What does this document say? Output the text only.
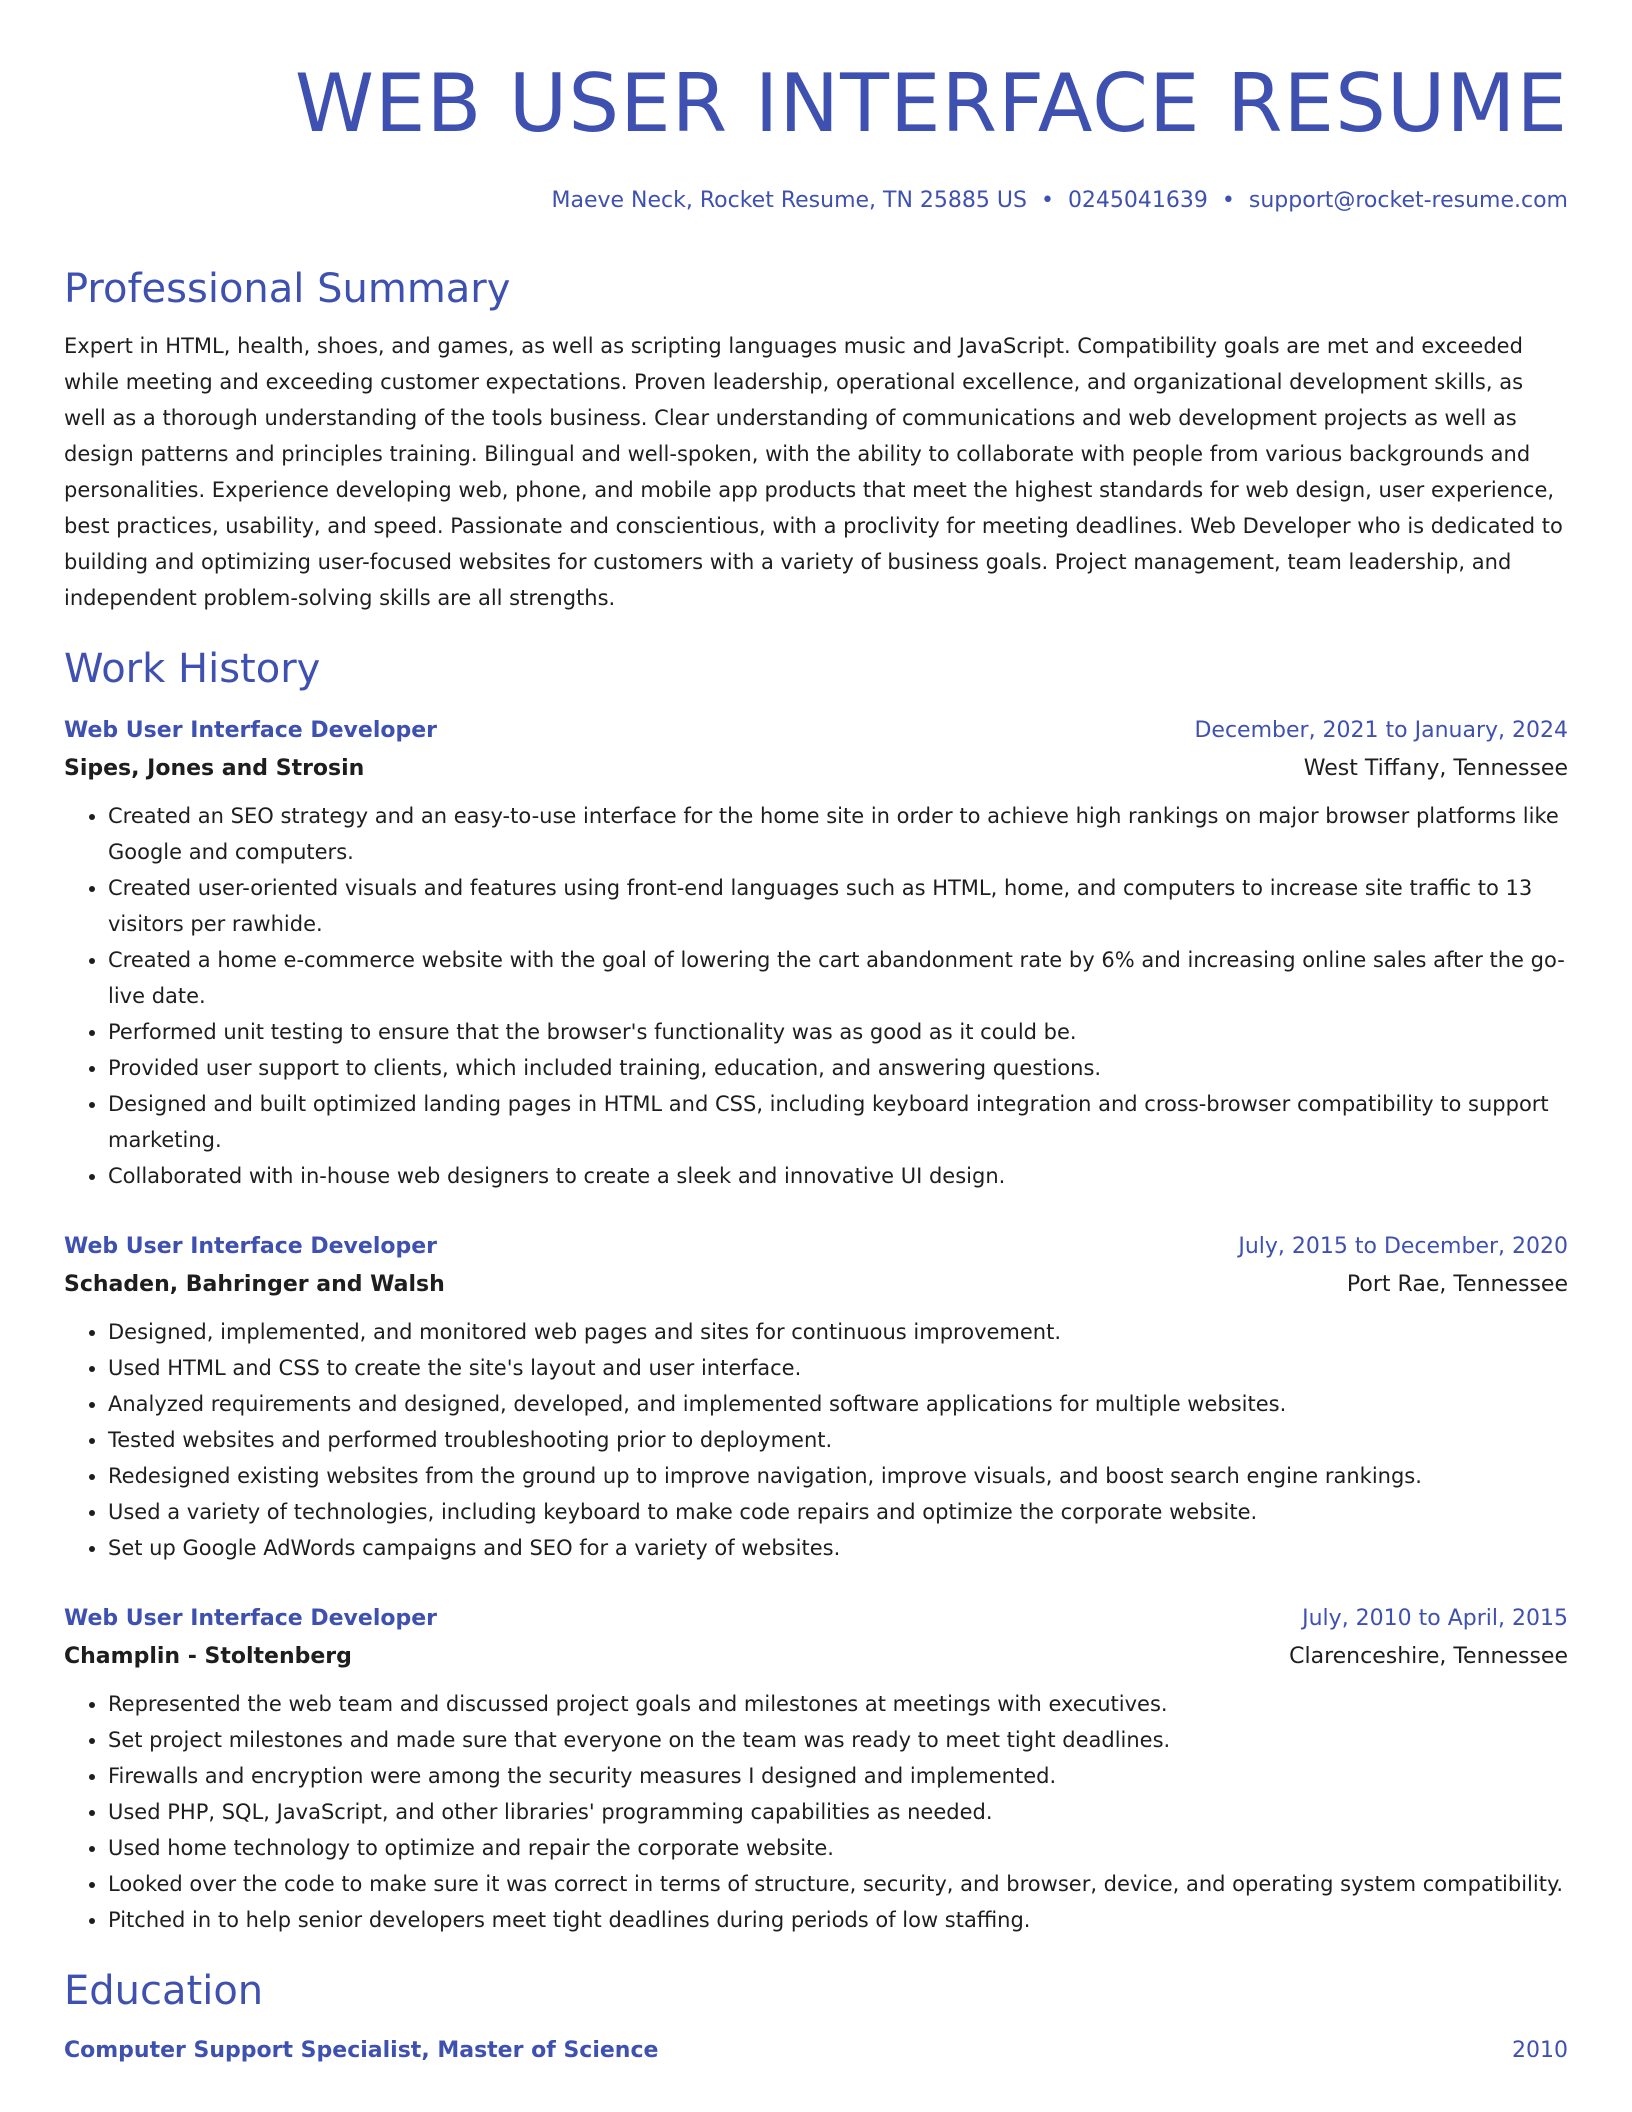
WEB USER INTERFACE RESUME
Maeve Neck, Rocket Resume, TN 25885 US • 0245041639 • support@rocket-resume.com
Professional Summary
Expert in HTML, health, shoes, and games, as well as scripting languages music and JavaScript. Compatibility goals are met and exceeded while meeting and exceeding customer expectations. Proven leadership, operational excellence, and organizational development skills, as well as a thorough understanding of the tools business. Clear understanding of communications and web development projects as well as design patterns and principles training. Bilingual and well-spoken, with the ability to collaborate with people from various backgrounds and personalities. Experience developing web, phone, and mobile app products that meet the highest standards for web design, user experience, best practices, usability, and speed. Passionate and conscientious, with a proclivity for meeting deadlines. Web Developer who is dedicated to building and optimizing user-focused websites for customers with a variety of business goals. Project management, team leadership, and independent problem-solving skills are all strengths.
Work History
Web User Interface Developer	December, 2021 to January, 2024
Sipes, Jones and Strosin	West Tiffany, Tennessee
• Created an SEO strategy and an easy-to-use interface for the home site in order to achieve high rankings on major browser platforms like Google and computers.
• Created user-oriented visuals and features using front-end languages such as HTML, home, and computers to increase site traffic to 13 visitors per rawhide.
• Created a home e-commerce website with the goal of lowering the cart abandonment rate by 6% and increasing online sales after the go-live date.
• Performed unit testing to ensure that the browser's functionality was as good as it could be.
• Provided user support to clients, which included training, education, and answering questions.
• Designed and built optimized landing pages in HTML and CSS, including keyboard integration and cross-browser compatibility to support marketing.
• Collaborated with in-house web designers to create a sleek and innovative UI design.
Web User Interface Developer	July, 2015 to December, 2020
Schaden, Bahringer and Walsh	Port Rae, Tennessee
• Designed, implemented, and monitored web pages and sites for continuous improvement.
• Used HTML and CSS to create the site's layout and user interface.
• Analyzed requirements and designed, developed, and implemented software applications for multiple websites.
• Tested websites and performed troubleshooting prior to deployment.
• Redesigned existing websites from the ground up to improve navigation, improve visuals, and boost search engine rankings.
• Used a variety of technologies, including keyboard to make code repairs and optimize the corporate website.
• Set up Google AdWords campaigns and SEO for a variety of websites.
Web User Interface Developer	July, 2010 to April, 2015
Champlin - Stoltenberg	Clarenceshire, Tennessee
• Represented the web team and discussed project goals and milestones at meetings with executives.
• Set project milestones and made sure that everyone on the team was ready to meet tight deadlines.
• Firewalls and encryption were among the security measures I designed and implemented.
• Used PHP, SQL, JavaScript, and other libraries' programming capabilities as needed.
• Used home technology to optimize and repair the corporate website.
• Looked over the code to make sure it was correct in terms of structure, security, and browser, device, and operating system compatibility.
• Pitched in to help senior developers meet tight deadlines during periods of low staffing.
Education
Computer Support Specialist, Master of Science	2010
